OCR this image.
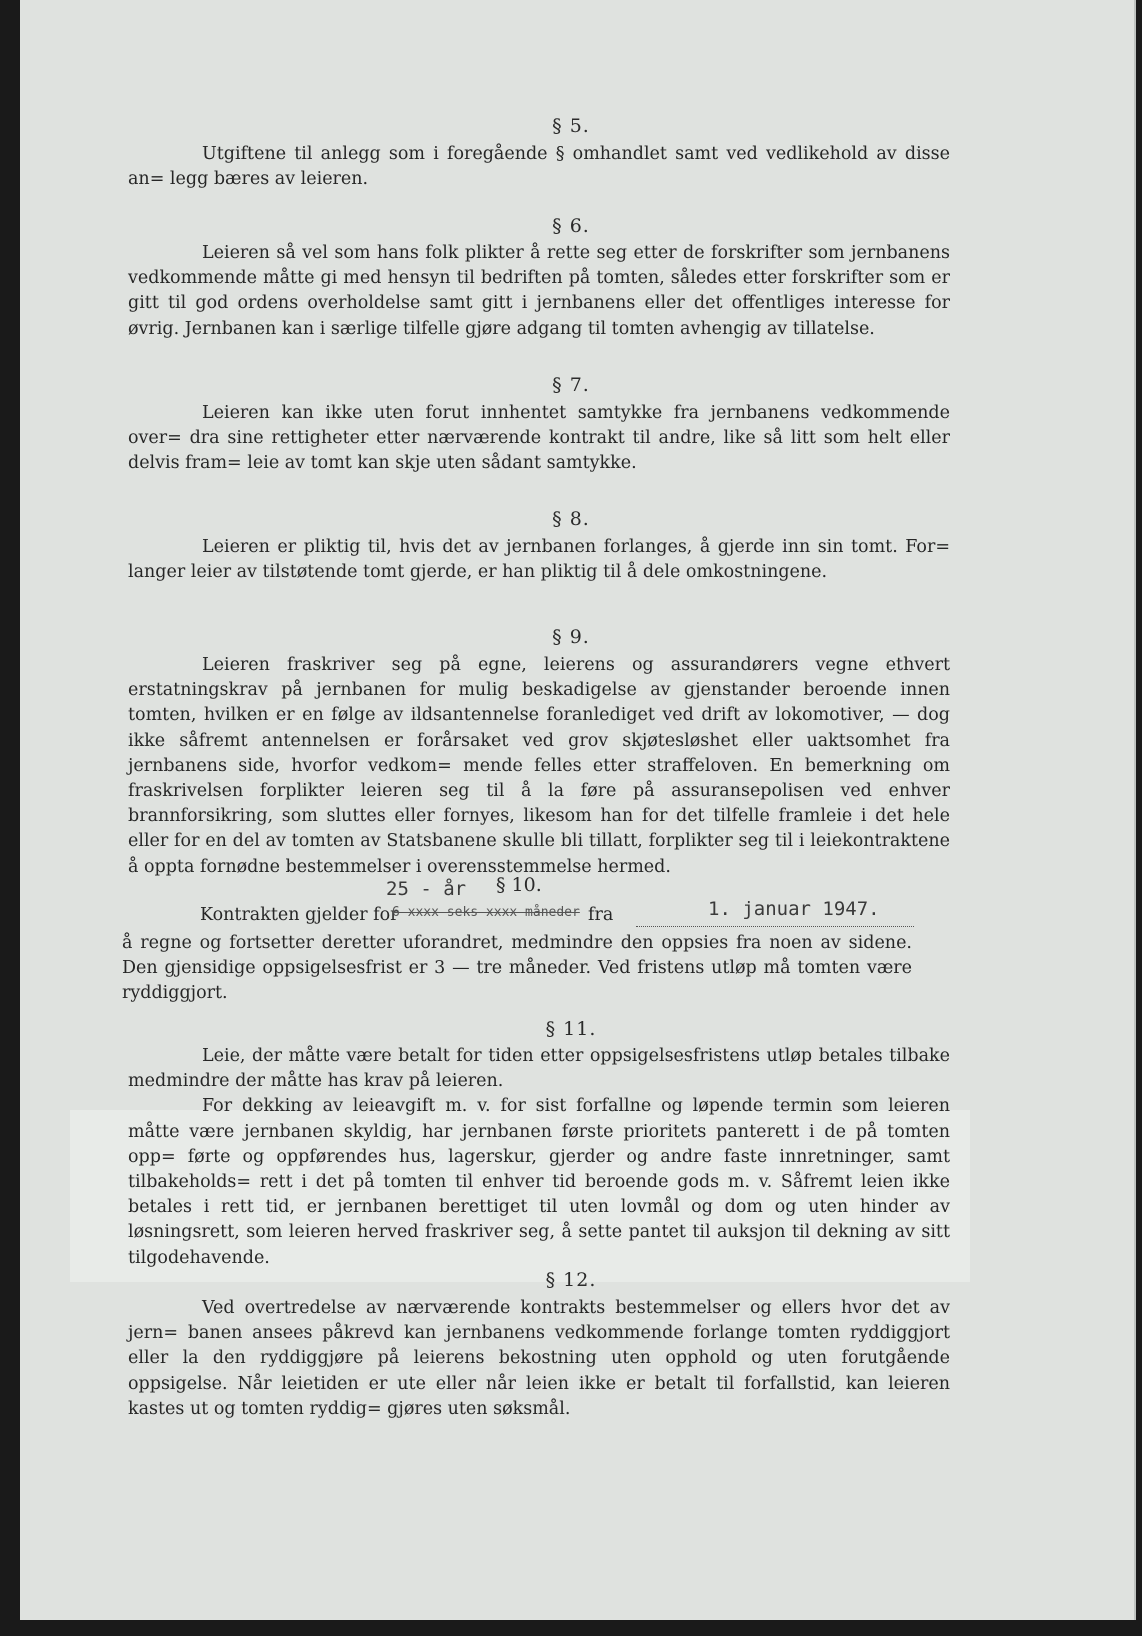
§ 5.

Utgiftene til anlegg som i foregående § omhandlet samt ved vedlikehold av disse an= legg bæres av leieren.

§ 6.

Leieren så vel som hans folk plikter å rette seg etter de forskrifter som jernbanens vedkommende måtte gi med hensyn til bedriften på tomten, således etter forskrifter som er gitt til god ordens overholdelse samt gitt i jernbanens eller det offentliges interesse for øvrig. Jernbanen kan i særlige tilfelle gjøre adgang til tomten avhengig av tillatelse.

§ 7.

Leieren kan ikke uten forut innhentet samtykke fra jernbanens vedkommende over= dra sine rettigheter etter nærværende kontrakt til andre, like så litt som helt eller delvis fram= leie av tomt kan skje uten sådant samtykke.

§ 8.

Leieren er pliktig til, hvis det av jernbanen forlanges, å gjerde inn sin tomt. For= langer leier av tilstøtende tomt gjerde, er han pliktig til å dele omkostningene.

§ 9.

Leieren fraskriver seg på egne, leierens og assurandørers vegne ethvert erstatningskrav på jernbanen for mulig beskadigelse av gjenstander beroende innen tomten, hvilken er en følge av ildsantennelse foranlediget ved drift av lokomotiver, — dog ikke såfremt antennelsen er forårsaket ved grov skjøtesløshet eller uaktsomhet fra jernbanens side, hvorfor vedkom= mende felles etter straffeloven. En bemerkning om fraskrivelsen forplikter leieren seg til å la føre på assuransepolisen ved enhver brannforsikring, som sluttes eller fornyes, likesom han for det tilfelle framleie i det hele eller for en del av tomten av Statsbanene skulle bli tillatt, forplikter seg til i leiekontraktene å oppta fornødne bestemmelser i overensstemmelse hermed.

25 - år § 10.
Kontrakten gjelder for
6 xxxx seks xxxx måneder fra	1. januar 1947.

å regne og fortsetter deretter uforandret, medmindre den oppsies fra noen av sidene. Den gjensidige oppsigelsesfrist er 3 — tre måneder. Ved fristens utløp må tomten være ryddiggjort.

§ 11.

Leie, der måtte være betalt for tiden etter oppsigelsesfristens utløp betales tilbake medmindre der måtte has krav på leieren.

For dekking av leieavgift m. v. for sist forfallne og løpende termin som leieren måtte være jernbanen skyldig, har jernbanen første prioritets panterett i de på tomten opp= førte og oppførendes hus, lagerskur, gjerder og andre faste innretninger, samt tilbakeholds= rett i det på tomten til enhver tid beroende gods m. v. Såfremt leien ikke betales i rett tid, er jernbanen berettiget til uten lovmål og dom og uten hinder av løsningsrett, som leieren herved fraskriver seg, å sette pantet til auksjon til dekning av sitt tilgodehavende.

§ 12.

Ved overtredelse av nærværende kontrakts bestemmelser og ellers hvor det av jern= banen ansees påkrevd kan jernbanens vedkommende forlange tomten ryddiggjort eller la den ryddiggjøre på leierens bekostning uten opphold og uten forutgående oppsigelse. Når leietiden er ute eller når leien ikke er betalt til forfallstid, kan leieren kastes ut og tomten ryddig= gjøres uten søksmål.
